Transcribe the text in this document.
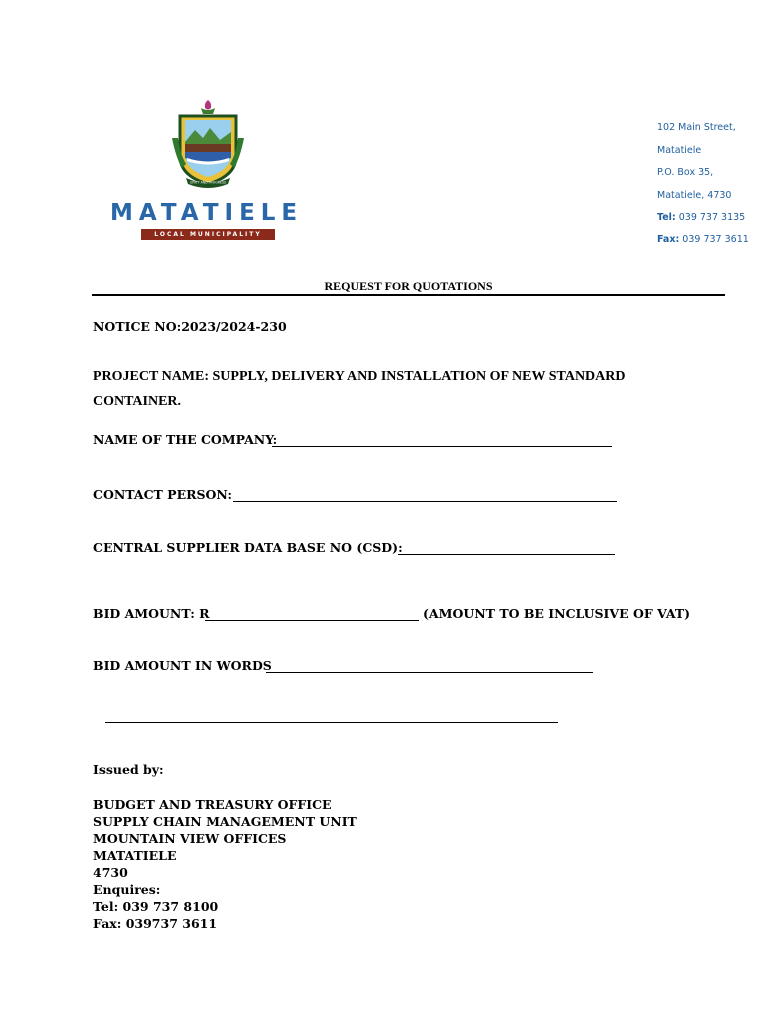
UNITY AND PROGRESS
MATATIELE
LOCAL MUNICIPALITY
102 Main Street,
Matatiele
P.O. Box 35,
Matatiele, 4730
Tel: 039 737 3135
Fax: 039 737 3611
REQUEST FOR QUOTATIONS
NOTICE NO:2023/2024-230
PROJECT NAME: SUPPLY, DELIVERY AND INSTALLATION OF NEW STANDARD
CONTAINER.
NAME OF THE COMPANY:
CONTACT PERSON:
CENTRAL SUPPLIER DATA BASE NO (CSD):
BID AMOUNT: R	(AMOUNT TO BE INCLUSIVE OF VAT)
BID AMOUNT IN WORDS
Issued by:
BUDGET AND TREASURY OFFICE
SUPPLY CHAIN MANAGEMENT UNIT
MOUNTAIN VIEW OFFICES
MATATIELE
4730
Enquires:
Tel: 039 737 8100
Fax: 039737 3611
